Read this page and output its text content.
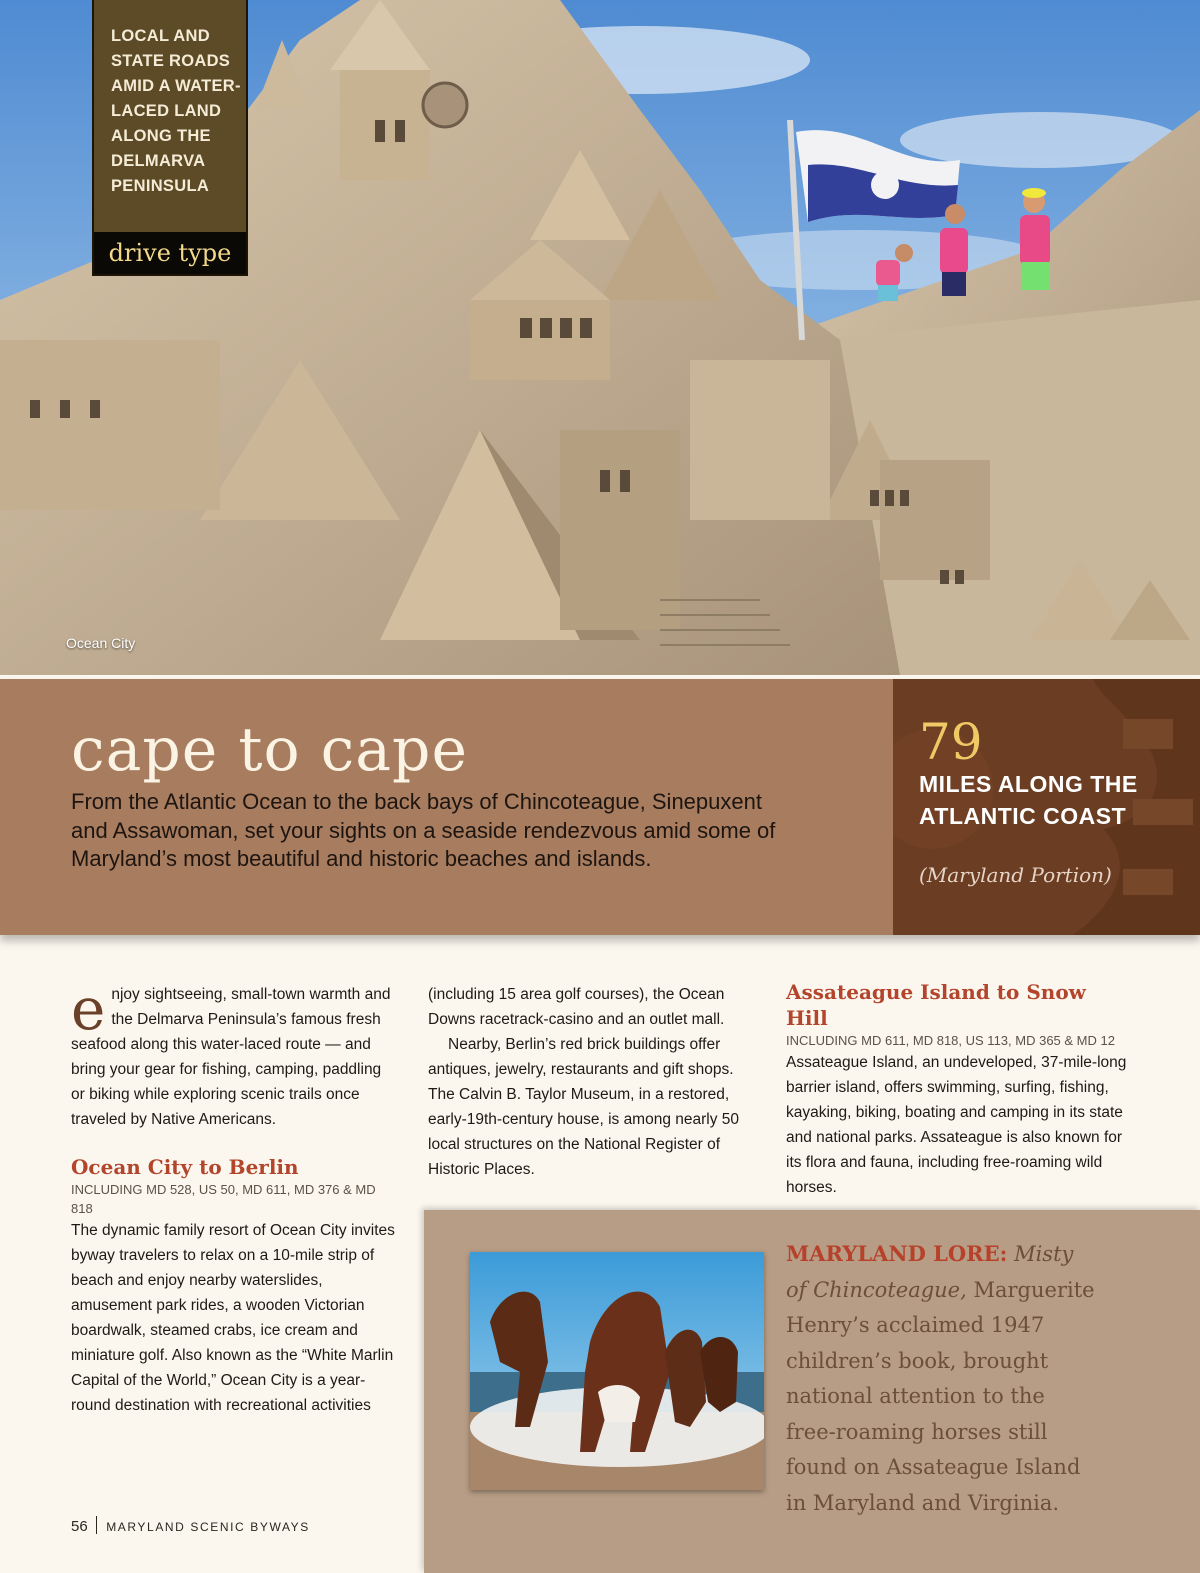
LOCAL AND STATE ROADS AMID A WATER-LACED LAND ALONG THE DELMARVA PENINSULA
drive type
Ocean City
cape to cape
From the Atlantic Ocean to the back bays of Chincoteague, Sinepuxent and Assawoman, set your sights on a seaside rendezvous amid some of Maryland’s most beautiful and historic beaches and islands.
79
MILES ALONG THE ATLANTIC COAST
(Maryland Portion)

enjoy sightseeing, small-town warmth and the Delmarva Peninsula’s famous fresh seafood along this water-laced route — and bring your gear for fishing, camping, paddling or biking while exploring scenic trails once traveled by Native Americans.

Ocean City to Berlin

INCLUDING MD 528, US 50, MD 611, MD 376 & MD 818

The dynamic family resort of Ocean City invites byway travelers to relax on a 10-mile strip of beach and enjoy nearby waterslides, amusement park rides, a wooden Victorian boardwalk, steamed crabs, ice cream and miniature golf. Also known as the “White Marlin Capital of the World,” Ocean City is a year-round destination with recreational activities

(including 15 area golf courses), the Ocean Downs racetrack-casino and an outlet mall.

Nearby, Berlin’s red brick buildings offer antiques, jewelry, restaurants and gift shops. The Calvin B. Taylor Museum, in a restored, early-19th-century house, is among nearly 50 local structures on the National Register of Historic Places.

Assateague Island to Snow Hill

INCLUDING MD 611, MD 818, US 113, MD 365 & MD 12

Assateague Island, an undeveloped, 37-mile-long barrier island, offers swimming, surfing, fishing, kayaking, biking, boating and camping in its state and national parks. Assateague is also known for its flora and fauna, including free-roaming wild horses.

MARYLAND LORE: Misty of Chincoteague, Marguerite Henry’s acclaimed 1947 children’s book, brought national attention to the free-roaming horses still found on Assateague Island in Maryland and Virginia.
56 MARYLAND SCENIC BYWAYS
